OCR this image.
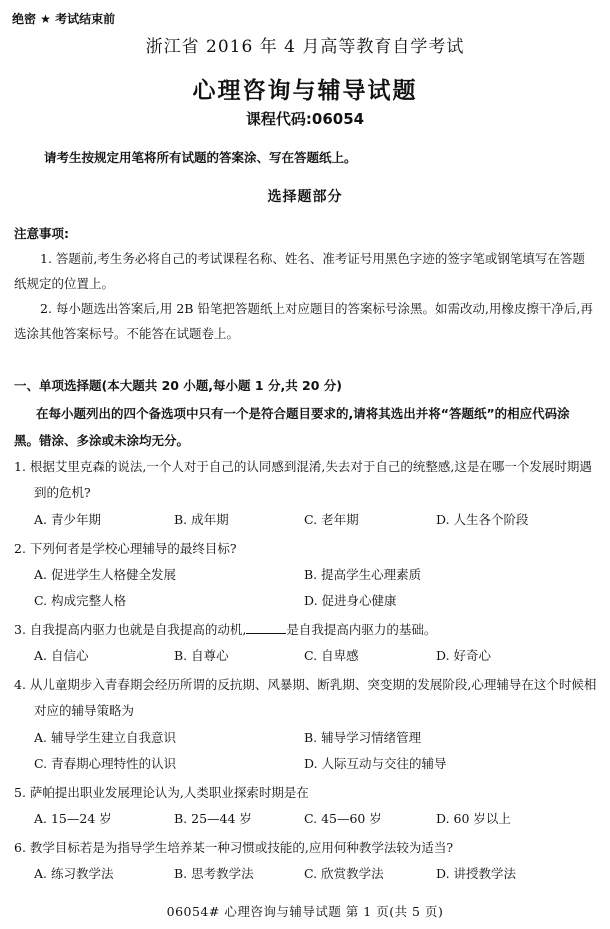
绝密 ★ 考试结束前
浙江省 2016 年 4 月高等教育自学考试
心理咨询与辅导试题
课程代码:06054
请考生按规定用笔将所有试题的答案涂、写在答题纸上。
选择题部分
注意事项:
1. 答题前,考生务必将自己的考试课程名称、姓名、准考证号用黑色字迹的签字笔或钢笔填写在答题纸规定的位置上。
2. 每小题选出答案后,用 2B 铅笔把答题纸上对应题目的答案标号涂黑。如需改动,用橡皮擦干净后,再选涂其他答案标号。不能答在试题卷上。
一、单项选择题(本大题共 20 小题,每小题 1 分,共 20 分)
在每小题列出的四个备选项中只有一个是符合题目要求的,请将其选出并将“答题纸”的相应代码涂黑。错涂、多涂或未涂均无分。
1. 根据艾里克森的说法,一个人对于自己的认同感到混淆,失去对于自己的统整感,这是在哪一个发展时期遇到的危机?
A. 青少年期	B. 成年期	C. 老年期	D. 人生各个阶段
2. 下列何者是学校心理辅导的最终目标?
A. 促进学生人格健全发展	B. 提高学生心理素质
C. 构成完整人格	D. 促进身心健康
3. 自我提高内驱力也就是自我提高的动机,	是自我提高内驱力的基础。
A. 自信心	B. 自尊心	C. 自卑感	D. 好奇心
4. 从儿童期步入青春期会经历所谓的反抗期、风暴期、断乳期、突变期的发展阶段,心理辅导在这个时候相对应的辅导策略为
A. 辅导学生建立自我意识	B. 辅导学习情绪管理
C. 青春期心理特性的认识	D. 人际互动与交往的辅导
5. 萨帕提出职业发展理论认为,人类职业探索时期是在
A. 15—24 岁	B. 25—44 岁	C. 45—60 岁	D. 60 岁以上
6. 教学目标若是为指导学生培养某一种习惯或技能的,应用何种教学法较为适当?
A. 练习教学法	B. 思考教学法	C. 欣赏教学法	D. 讲授教学法
06054# 心理咨询与辅导试题 第 1 页(共 5 页)
